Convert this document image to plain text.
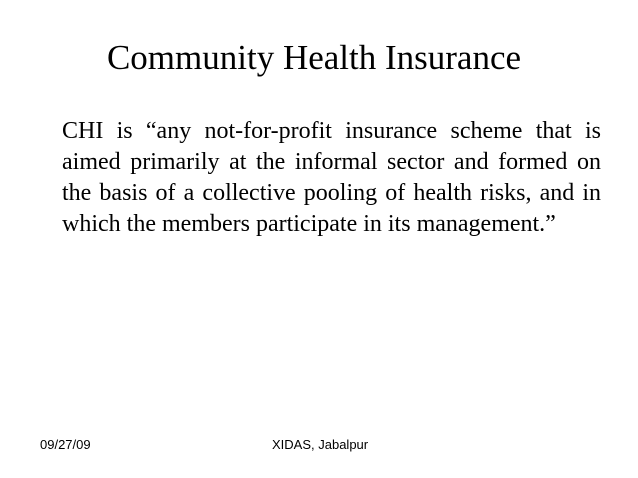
Community Health Insurance

CHI is “any not-for-profit insurance scheme that is aimed primarily at the informal sector and formed on the basis of a collective pooling of health risks, and in which the members participate in its management.”

09/27/09	XIDAS, Jabalpur
